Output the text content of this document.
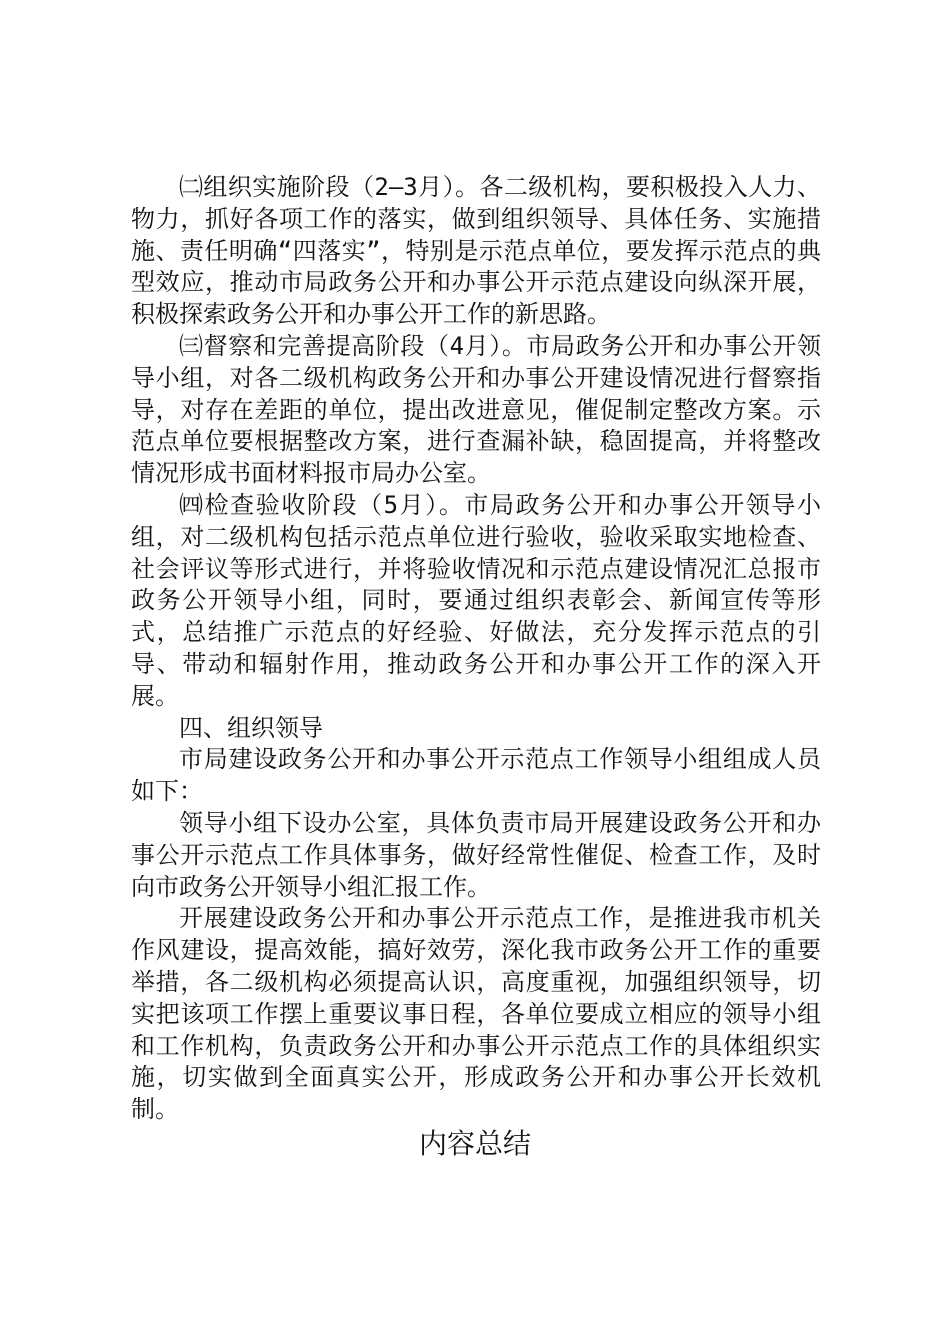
㈡组织实施阶段（2—3月）。各二级机构，要积极投入人力、物力，抓好各项工作的落实，做到组织领导、具体任务、实施措施、责任明确“四落实”，特别是示范点单位，要发挥示范点的典型效应，推动市局政务公开和办事公开示范点建设向纵深开展，积极探索政务公开和办事公开工作的新思路。

㈢督察和完善提高阶段（4月）。市局政务公开和办事公开领导小组，对各二级机构政务公开和办事公开建设情况进行督察指导，对存在差距的单位，提出改进意见，催促制定整改方案。示范点单位要根据整改方案，进行查漏补缺，稳固提高，并将整改情况形成书面材料报市局办公室。

㈣检查验收阶段（5月）。市局政务公开和办事公开领导小组，对二级机构包括示范点单位进行验收，验收采取实地检查、社会评议等形式进行，并将验收情况和示范点建设情况汇总报市政务公开领导小组，同时，要通过组织表彰会、新闻宣传等形式，总结推广示范点的好经验、好做法，充分发挥示范点的引导、带动和辐射作用，推动政务公开和办事公开工作的深入开展。

四、组织领导

市局建设政务公开和办事公开示范点工作领导小组组成人员如下：

领导小组下设办公室，具体负责市局开展建设政务公开和办事公开示范点工作具体事务，做好经常性催促、检查工作，及时向市政务公开领导小组汇报工作。

开展建设政务公开和办事公开示范点工作，是推进我市机关作风建设，提高效能，搞好效劳，深化我市政务公开工作的重要举措，各二级机构必须提高认识，高度重视，加强组织领导，切实把该项工作摆上重要议事日程，各单位要成立相应的领导小组和工作机构，负责政务公开和办事公开示范点工作的具体组织实施，切实做到全面真实公开，形成政务公开和办事公开长效机制。

内容总结
